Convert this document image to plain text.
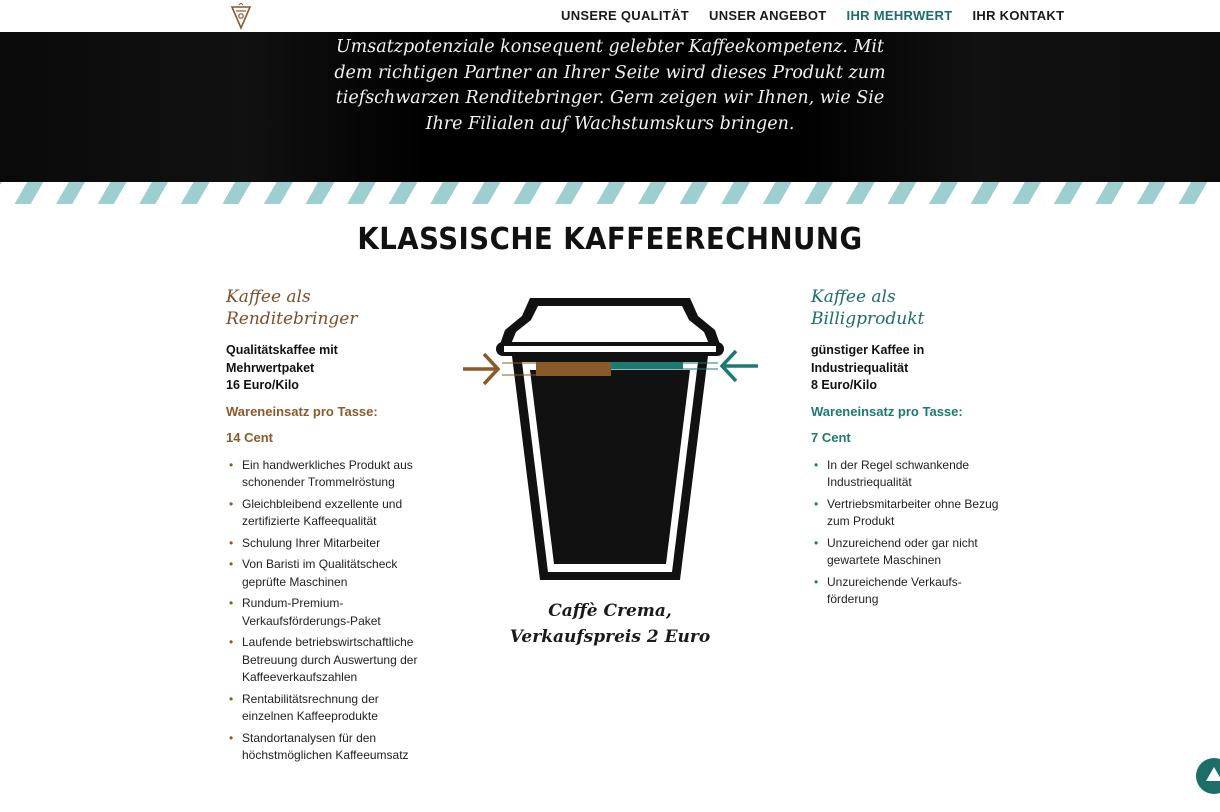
UNSERE QUALITÄT UNSER ANGEBOT IHR MEHRWERT IHR KONTAKT

Umsatzpotenziale konsequent gelebter Kaffeekompetenz. Mit dem richtigen Partner an Ihrer Seite wird dieses Produkt zum tiefschwarzen Renditebringer. Gern zeigen wir Ihnen, wie Sie Ihre Filialen auf Wachstumskurs bringen.

KLASSISCHE KAFFEERECHNUNG
Kaffee als
Renditebringer
Qualitätskaffee mit
Mehrwertpaket
16 Euro/Kilo
Wareneinsatz pro Tasse:
14 Cent
• Ein handwerkliches Produkt aus schonender Trommelröstung
• Gleichbleibend exzellente und zertifizierte Kaffeequalität
• Schulung Ihrer Mitarbeiter
• Von Baristi im Qualitätscheck geprüfte Maschinen
• Rundum-Premium-Verkaufsförderungs-Paket
• Laufende betriebswirtschaftliche Betreuung durch Auswertung der Kaffeeverkaufszahlen
• Rentabilitätsrechnung der einzelnen Kaffeeprodukte
• Standortanalysen für den höchstmöglichen Kaffeeumsatz
Caffè Crema,
Verkaufspreis 2 Euro
Kaffee als
Billigprodukt
günstiger Kaffee in
Industriequalität
8 Euro/Kilo
Wareneinsatz pro Tasse:
7 Cent
• In der Regel schwankende Industriequalität
• Vertriebsmitarbeiter ohne Bezug zum Produkt
• Unzureichend oder gar nicht gewartete Maschinen
• Unzureichende Verkaufs-förderung
